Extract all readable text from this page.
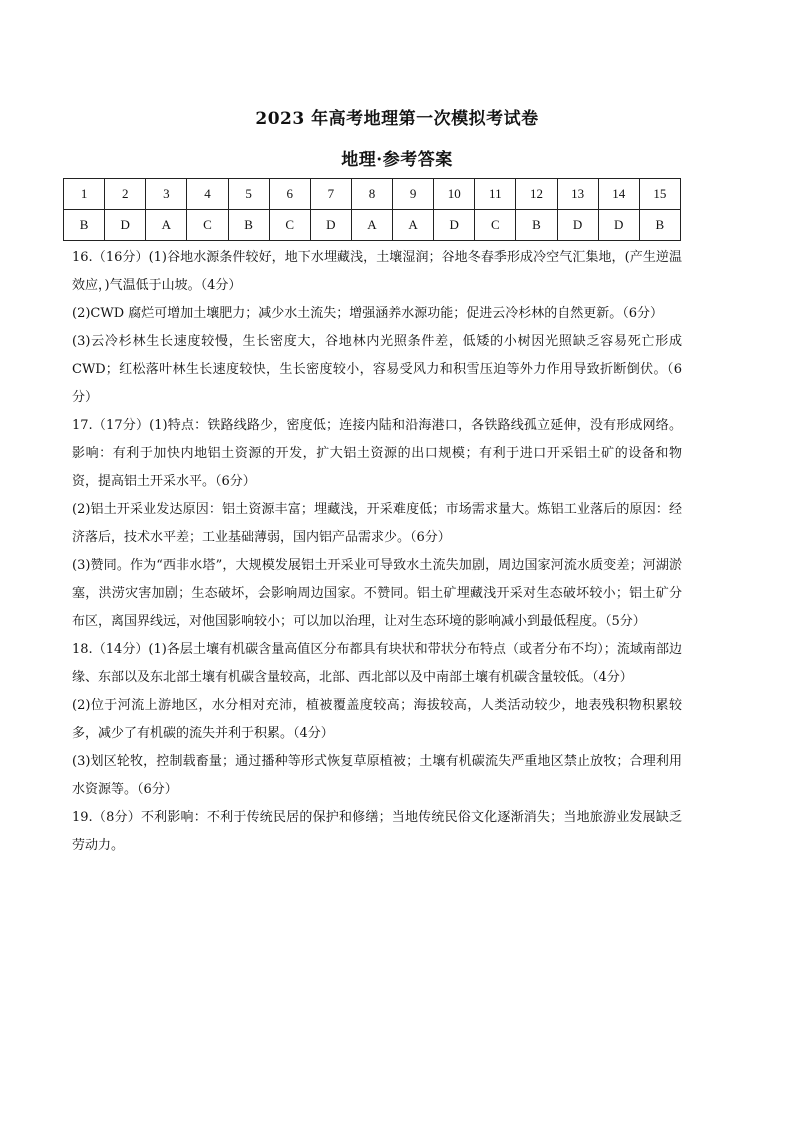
2023 年高考地理第一次模拟考试卷
地理·参考答案
1	2	3	4	5	6	7	8	9	10	11	12	13	14	15
B	D	A	C	B	C	D	A	A	D	C	B	D	D	B

16.（16分）(1)谷地水源条件较好，地下水埋藏浅，土壤湿润；谷地冬春季形成冷空气汇集地，(产生逆温效应，)气温低于山坡。（4分）

(2)CWD 腐烂可增加土壤肥力；减少水土流失；增强涵养水源功能；促进云冷杉林的自然更新。（6分）

(3)云冷杉林生长速度较慢，生长密度大，谷地林内光照条件差，低矮的小树因光照缺乏容易死亡形成 CWD；红松落叶林生长速度较快，生长密度较小，容易受风力和积雪压迫等外力作用导致折断倒伏。（6分）

17.（17分）(1)特点：铁路线路少，密度低；连接内陆和沿海港口，各铁路线孤立延伸，没有形成网络。影响：有利于加快内地铝土资源的开发，扩大铝土资源的出口规模；有利于进口开采铝土矿的设备和物资，提高铝土开采水平。（6分）

(2)铝土开采业发达原因：铝土资源丰富；埋藏浅，开采难度低；市场需求量大。炼铝工业落后的原因：经济落后，技术水平差；工业基础薄弱，国内铝产品需求少。（6分）

(3)赞同。作为“西非水塔”，大规模发展铝土开采业可导致水土流失加剧，周边国家河流水质变差；河湖淤塞，洪涝灾害加剧；生态破坏，会影响周边国家。不赞同。铝土矿埋藏浅开采对生态破坏较小；铝土矿分布区，离国界线远，对他国影响较小；可以加以治理，让对生态环境的影响减小到最低程度。（5分）

18.（14分）(1)各层土壤有机碳含量高值区分布都具有块状和带状分布特点（或者分布不均）；流域南部边缘、东部以及东北部土壤有机碳含量较高，北部、西北部以及中南部土壤有机碳含量较低。（4分）

(2)位于河流上游地区，水分相对充沛，植被覆盖度较高；海拔较高，人类活动较少，地表残积物积累较多，减少了有机碳的流失并利于积累。（4分）

(3)划区轮牧，控制载畜量；通过播种等形式恢复草原植被；土壤有机碳流失严重地区禁止放牧；合理利用水资源等。（6分）

19.（8分）不利影响：不利于传统民居的保护和修缮；当地传统民俗文化逐渐消失；当地旅游业发展缺乏劳动力。
